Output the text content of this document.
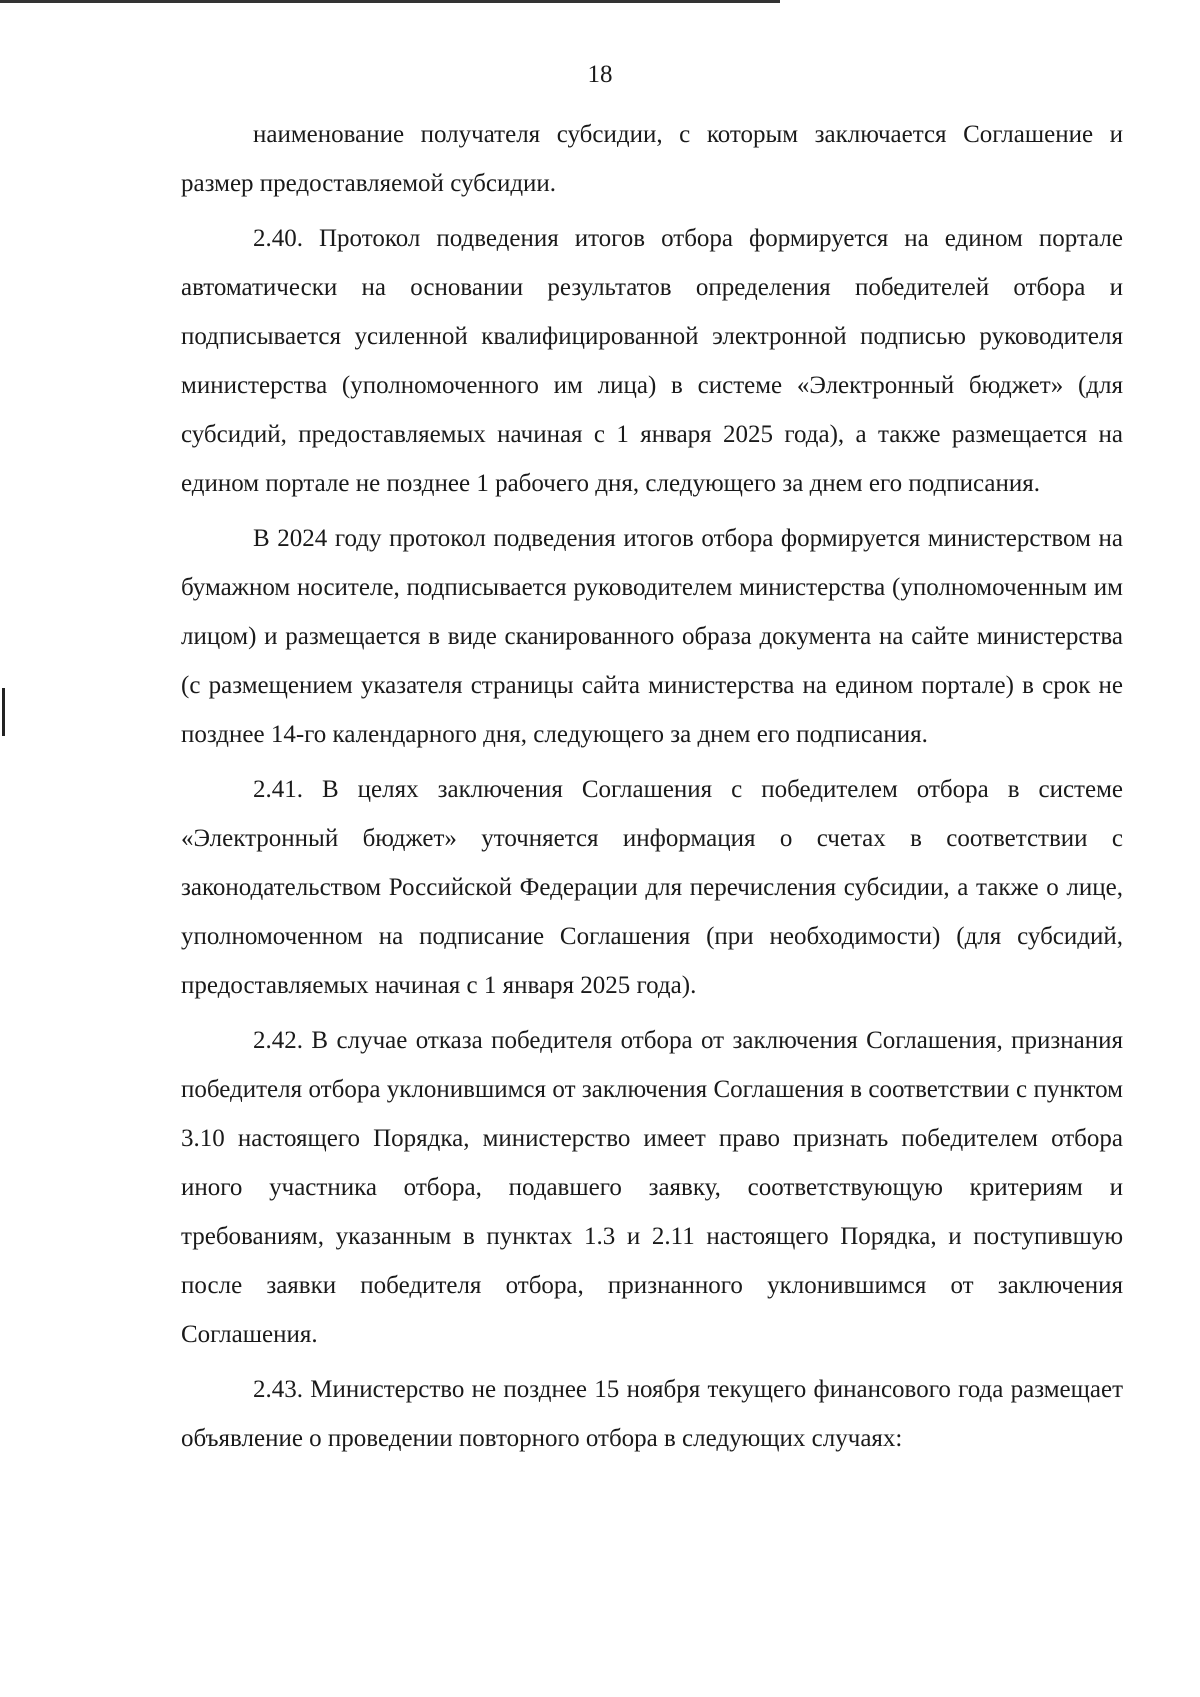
18

наименование получателя субсидии, с которым заключается Соглашение и размер предоставляемой субсидии.

2.40. Протокол подведения итогов отбора формируется на едином портале автоматически на основании результатов определения победителей отбора и подписывается усиленной квалифицированной электронной подписью руководителя министерства (уполномоченного им лица) в системе «Электронный бюджет» (для субсидий, предоставляемых начиная с 1 января 2025 года), а также размещается на едином портале не позднее 1 рабочего дня, следующего за днем его подписания.

В 2024 году протокол подведения итогов отбора формируется министерством на бумажном носителе, подписывается руководителем министерства (уполномоченным им лицом) и размещается в виде сканированного образа документа на сайте министерства (с размещением указателя страницы сайта министерства на едином портале) в срок не позднее 14-го календарного дня, следующего за днем его подписания.

2.41. В целях заключения Соглашения с победителем отбора в системе «Электронный бюджет» уточняется информация о счетах в соответствии с законодательством Российской Федерации для перечисления субсидии, а также о лице, уполномоченном на подписание Соглашения (при необходимости) (для субсидий, предоставляемых начиная с 1 января 2025 года).

2.42. В случае отказа победителя отбора от заключения Соглашения, признания победителя отбора уклонившимся от заключения Соглашения в соответствии с пунктом 3.10 настоящего Порядка, министерство имеет право признать победителем отбора иного участника отбора, подавшего заявку, соответствующую критериям и требованиям, указанным в пунктах 1.3 и 2.11 настоящего Порядка, и поступившую после заявки победителя отбора, признанного уклонившимся от заключения Соглашения.

2.43. Министерство не позднее 15 ноября текущего финансового года размещает объявление о проведении повторного отбора в следующих случаях:
